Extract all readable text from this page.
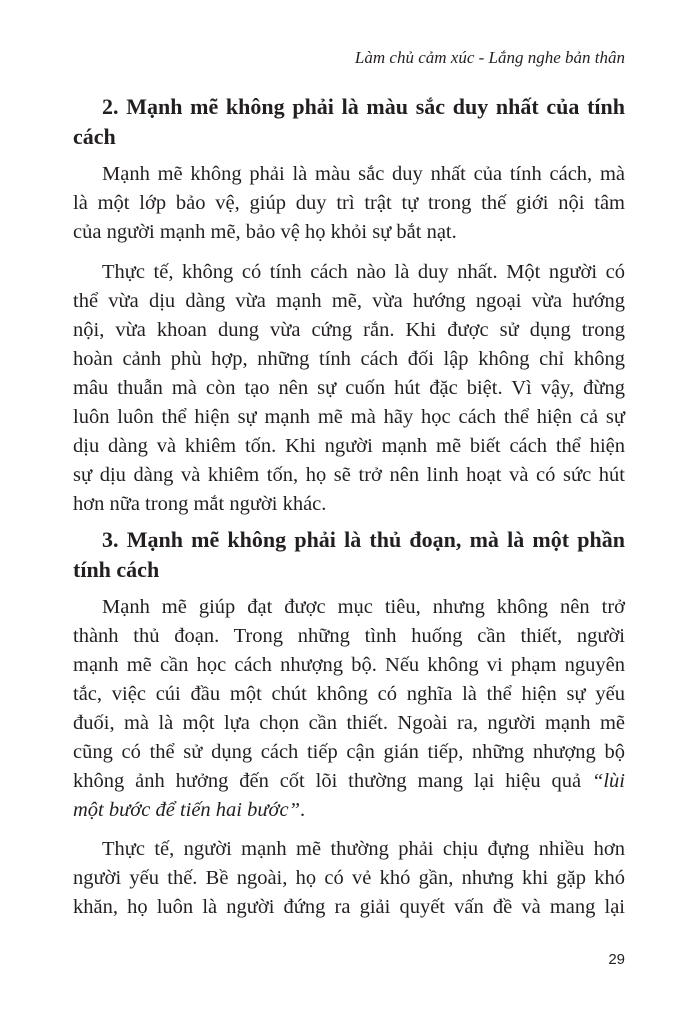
Làm chủ cảm xúc - Lắng nghe bản thân
2. Mạnh mẽ không phải là màu sắc duy nhất của tính
cách
Mạnh mẽ không phải là màu sắc duy nhất của tính cách, mà
là một lớp bảo vệ, giúp duy trì trật tự trong thế giới nội tâm
của người mạnh mẽ, bảo vệ họ khỏi sự bắt nạt.
Thực tế, không có tính cách nào là duy nhất. Một người có
thể vừa dịu dàng vừa mạnh mẽ, vừa hướng ngoại vừa hướng
nội, vừa khoan dung vừa cứng rắn. Khi được sử dụng trong
hoàn cảnh phù hợp, những tính cách đối lập không chỉ không
mâu thuẫn mà còn tạo nên sự cuốn hút đặc biệt. Vì vậy, đừng
luôn luôn thể hiện sự mạnh mẽ mà hãy học cách thể hiện cả sự
dịu dàng và khiêm tốn. Khi người mạnh mẽ biết cách thể hiện
sự dịu dàng và khiêm tốn, họ sẽ trở nên linh hoạt và có sức hút
hơn nữa trong mắt người khác.
3. Mạnh mẽ không phải là thủ đoạn, mà là một phần
tính cách
Mạnh mẽ giúp đạt được mục tiêu, nhưng không nên trở
thành thủ đoạn. Trong những tình huống cần thiết, người
mạnh mẽ cần học cách nhượng bộ. Nếu không vi phạm nguyên
tắc, việc cúi đầu một chút không có nghĩa là thể hiện sự yếu
đuối, mà là một lựa chọn cần thiết. Ngoài ra, người mạnh mẽ
cũng có thể sử dụng cách tiếp cận gián tiếp, những nhượng bộ
không ảnh hưởng đến cốt lõi thường mang lại hiệu quả “lùi
một bước để tiến hai bước”.
Thực tế, người mạnh mẽ thường phải chịu đựng nhiều hơn
người yếu thế. Bề ngoài, họ có vẻ khó gần, nhưng khi gặp khó
khăn, họ luôn là người đứng ra giải quyết vấn đề và mang lại
29
